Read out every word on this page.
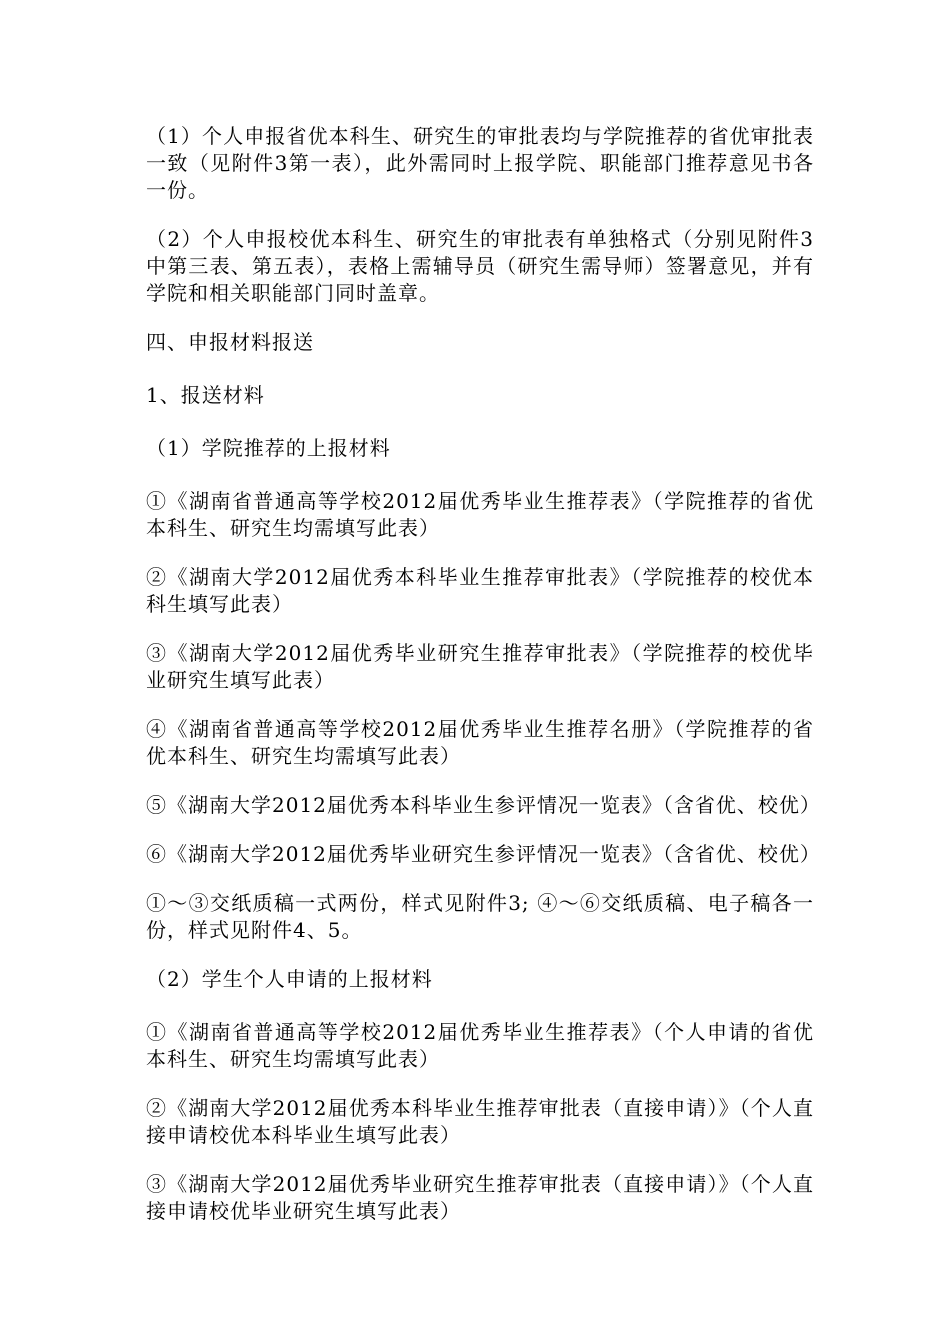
（1）个人申报省优本科生、研究生的审批表均与学院推荐的省优审批表一致（见附件3第一表），此外需同时上报学院、职能部门推荐意见书各一份。

（2）个人申报校优本科生、研究生的审批表有单独格式（分别见附件3中第三表、第五表），表格上需辅导员（研究生需导师）签署意见，并有学院和相关职能部门同时盖章。

四、申报材料报送

1、报送材料

（1）学院推荐的上报材料

①《湖南省普通高等学校2012届优秀毕业生推荐表》（学院推荐的省优本科生、研究生均需填写此表）

②《湖南大学2012届优秀本科毕业生推荐审批表》（学院推荐的校优本科生填写此表）

③《湖南大学2012届优秀毕业研究生推荐审批表》（学院推荐的校优毕业研究生填写此表）

④《湖南省普通高等学校2012届优秀毕业生推荐名册》（学院推荐的省优本科生、研究生均需填写此表）

⑤《湖南大学2012届优秀本科毕业生参评情况一览表》（含省优、校优）

⑥《湖南大学2012届优秀毕业研究生参评情况一览表》（含省优、校优）

①～③交纸质稿一式两份，样式见附件3; ④～⑥交纸质稿、电子稿各一份，样式见附件4、5。

（2）学生个人申请的上报材料

①《湖南省普通高等学校2012届优秀毕业生推荐表》（个人申请的省优本科生、研究生均需填写此表）

②《湖南大学2012届优秀本科毕业生推荐审批表（直接申请）》（个人直接申请校优本科毕业生填写此表）

③《湖南大学2012届优秀毕业研究生推荐审批表（直接申请）》（个人直接申请校优毕业研究生填写此表）
